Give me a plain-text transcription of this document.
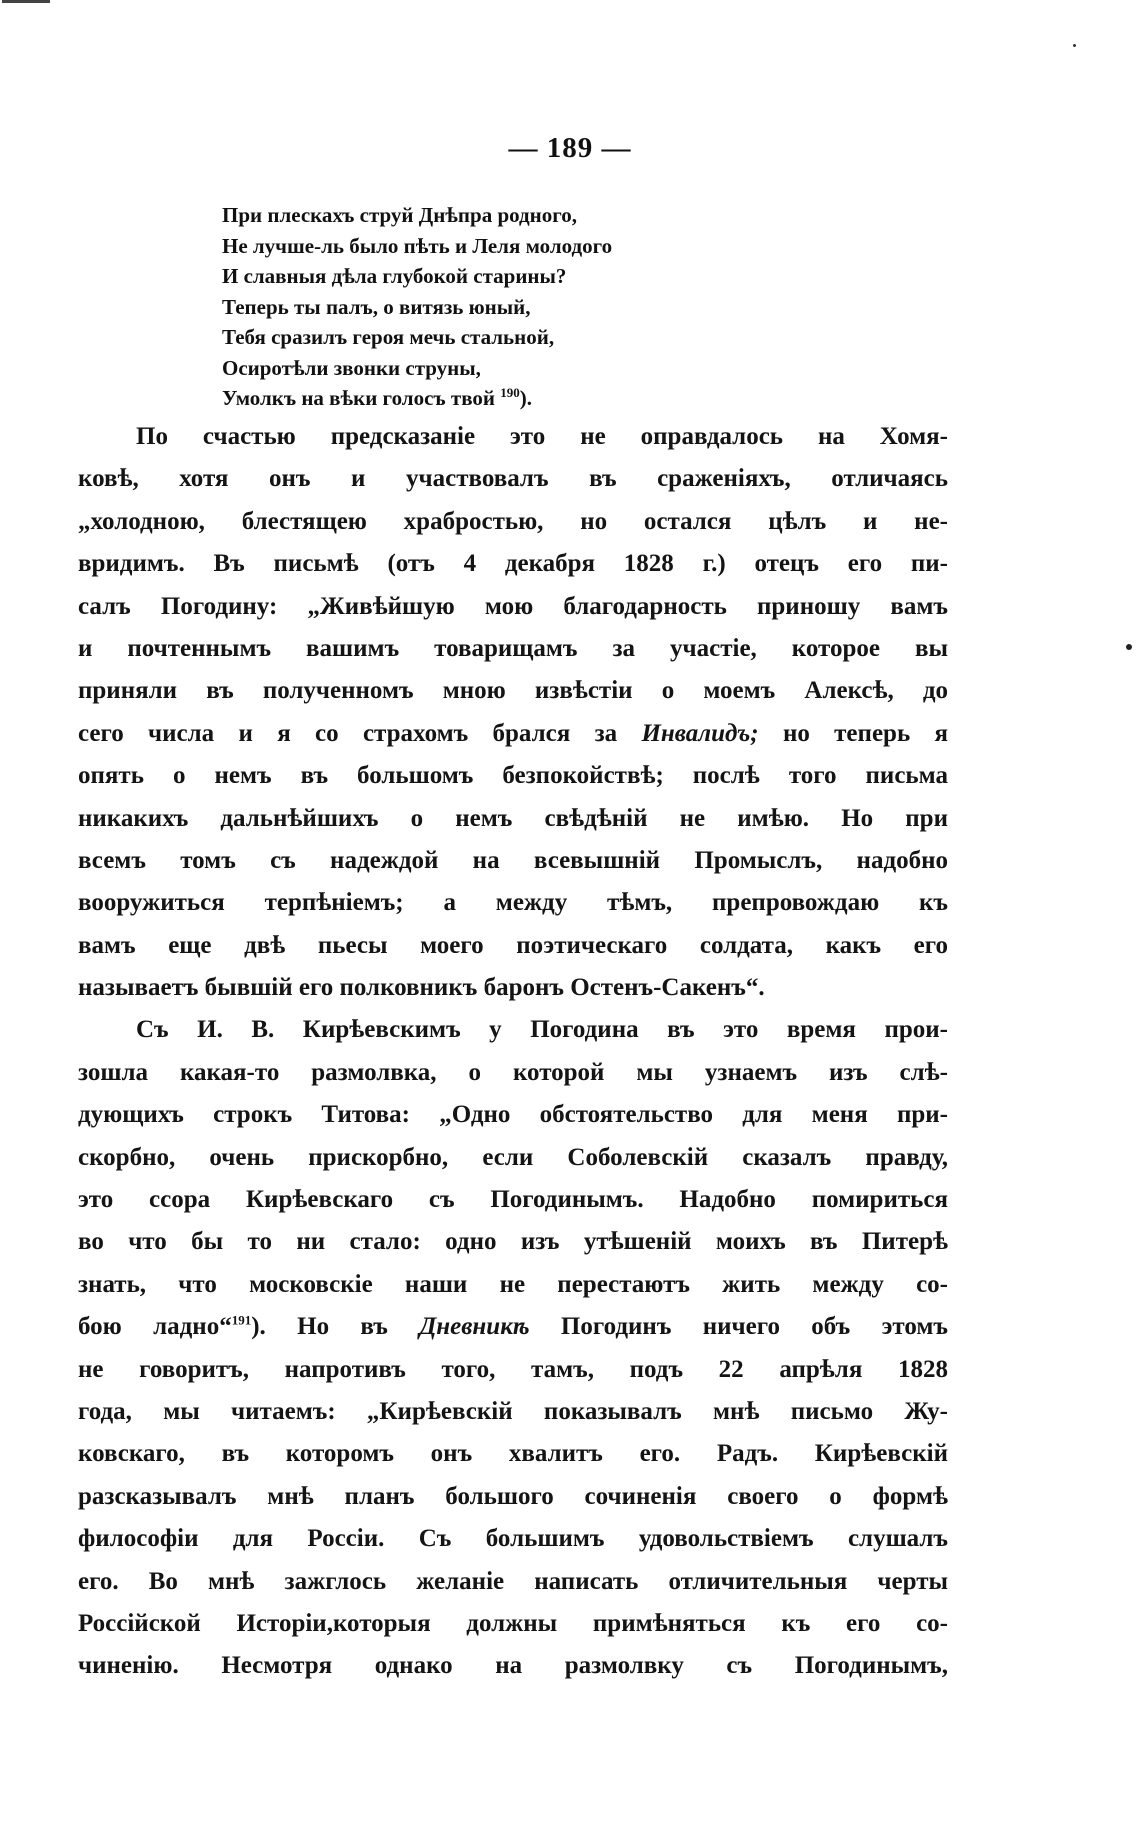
— 189 —
При плескахъ струй Днѣпра родного,
Не лучше-ль было пѣть и Леля молодого
И славныя дѣла глубокой старины?
Теперь ты палъ, о витязь юный,
Тебя сразилъ героя мечь стальной,
Осиротѣли звонки струны,
Умолкъ на вѣки голосъ твой $^{190}$).
По счастью предсказаніе это не оправдалось на Хомя-
ковѣ, хотя онъ и участвовалъ въ сраженіяхъ, отличаясь
„холодною, блестящею храбростью, но остался цѣлъ и не-
вридимъ. Въ письмѣ (отъ 4 декабря 1828 г.) отецъ его пи-
салъ Погодину: „Живѣйшую мою благодарность приношу вамъ
и почтеннымъ вашимъ товарищамъ за участіе, которое вы
приняли въ полученномъ мною извѣстіи о моемъ Алексѣ, до
сего числа и я со страхомъ брался за Инвалидъ; но теперь я
опять о немъ въ большомъ безпокойствѣ; послѣ того письма
никакихъ дальнѣйшихъ о немъ свѣдѣній не имѣю. Но при
всемъ томъ съ надеждой на всевышній Промыслъ, надобно
вооружиться терпѣніемъ; а между тѣмъ, препровождаю къ
вамъ еще двѣ пьесы моего поэтическаго солдата, какъ его
называетъ бывшій его полковникъ баронъ Остенъ-Сакенъ“.
Съ И. В. Кирѣевскимъ у Погодина въ это время прои-
зошла какая-то размолвка, о которой мы узнаемъ изъ слѣ-
дующихъ строкъ Титова: „Одно обстоятельство для меня при-
скорбно, очень прискорбно, если Соболевскій сказалъ правду,
это ссора Кирѣевскаго съ Погодинымъ. Надобно помириться
во что бы то ни стало: одно изъ утѣшеній моихъ въ Питерѣ
знать, что московскіе наши не перестаютъ жить между со-
бою ладно“$^{191}$). Но въ Дневникѣ Погодинъ ничего объ этомъ
не говоритъ, напротивъ того, тамъ, подъ 22 апрѣля 1828
года, мы читаемъ: „Кирѣевскій показывалъ мнѣ письмо Жу-
ковскаго, въ которомъ онъ хвалитъ его. Радъ. Кирѣевскій
разсказывалъ мнѣ планъ большого сочиненія своего о формѣ
философіи для Россіи. Съ большимъ удовольствіемъ слушалъ
его. Во мнѣ зажглось желаніе написать отличительныя черты
Россійской Исторіи,которыя должны примѣняться къ его со-
чиненію. Несмотря однако на размолвку съ Погодинымъ,
